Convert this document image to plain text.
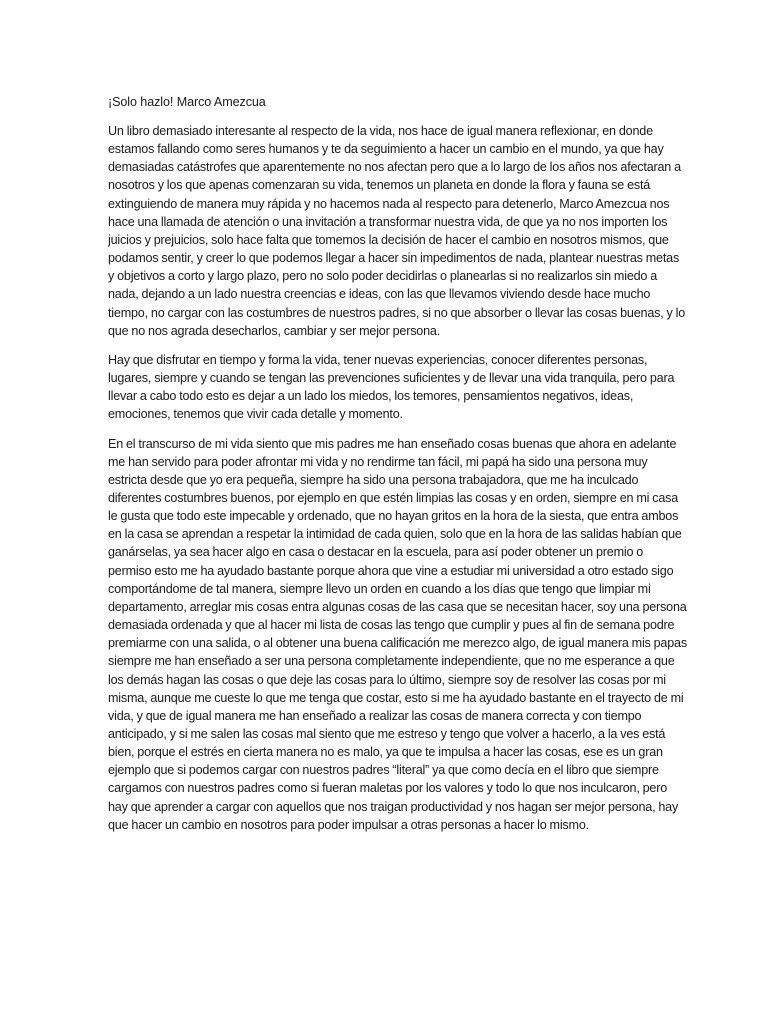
¡Solo hazlo! Marco Amezcua

Un libro demasiado interesante al respecto de la vida, nos hace de igual manera reflexionar, en donde estamos fallando como seres humanos y te da seguimiento a hacer un cambio en el mundo, ya que hay demasiadas catástrofes que aparentemente no nos afectan pero que a lo largo de los años nos afectaran a nosotros y los que apenas comenzaran su vida, tenemos un planeta en donde la flora y fauna se está extinguiendo de manera muy rápida y no hacemos nada al respecto para detenerlo, Marco Amezcua nos hace una llamada de atención o una invitación a transformar nuestra vida, de que ya no nos importen los juicios y prejuicios, solo hace falta que tomemos la decisión de hacer el cambio en nosotros mismos, que podamos sentir, y creer lo que podemos llegar a hacer sin impedimentos de nada, plantear nuestras metas y objetivos a corto y largo plazo, pero no solo poder decidirlas o planearlas si no realizarlos sin miedo a nada, dejando a un lado nuestra creencias e ideas, con las que llevamos viviendo desde hace mucho tiempo, no cargar con las costumbres de nuestros padres, si no que absorber o llevar las cosas buenas, y lo que no nos agrada desecharlos, cambiar y ser mejor persona.

Hay que disfrutar en tiempo y forma la vida, tener nuevas experiencias, conocer diferentes personas, lugares, siempre y cuando se tengan las prevenciones suficientes y de llevar una vida tranquila, pero para llevar a cabo todo esto es dejar a un lado los miedos, los temores, pensamientos negativos, ideas, emociones, tenemos que vivir cada detalle y momento.

En el transcurso de mi vida siento que mis padres me han enseñado cosas buenas que ahora en adelante me han servido para poder afrontar mi vida y no rendirme tan fácil, mi papá ha sido una persona muy estricta desde que yo era pequeña, siempre ha sido una persona trabajadora, que me ha inculcado diferentes costumbres buenos, por ejemplo en que estén limpias las cosas y en orden, siempre en mi casa le gusta que todo este impecable y ordenado, que no hayan gritos en la hora de la siesta, que entra ambos en la casa se aprendan a respetar la intimidad de cada quien, solo que en la hora de las salidas habían que ganárselas, ya sea hacer algo en casa o destacar en la escuela, para así poder obtener un premio o permiso esto me ha ayudado bastante porque ahora que vine a estudiar mi universidad a otro estado sigo comportándome de tal manera, siempre llevo un orden en cuando a los días que tengo que limpiar mi departamento, arreglar mis cosas entra algunas cosas de las casa que se necesitan hacer, soy una persona demasiada ordenada y que al hacer mi lista de cosas las tengo que cumplir y pues al fin de semana podre premiarme con una salida, o al obtener una buena calificación me merezco algo, de igual manera mis papas siempre me han enseñado a ser una persona completamente independiente, que no me esperance a que los demás hagan las cosas o que deje las cosas para lo último, siempre soy de resolver las cosas por mi misma, aunque me cueste lo que me tenga que costar, esto si me ha ayudado bastante en el trayecto de mi vida, y que de igual manera me han enseñado a realizar las cosas de manera correcta y con tiempo anticipado, y si me salen las cosas mal siento que me estreso y tengo que volver a hacerlo, a la ves está bien, porque el estrés en cierta manera no es malo, ya que te impulsa a hacer las cosas, ese es un gran ejemplo que si podemos cargar con nuestros padres “literal” ya que como decía en el libro que siempre cargamos con nuestros padres como si fueran maletas por los valores y todo lo que nos inculcaron, pero hay que aprender a cargar con aquellos que nos traigan productividad y nos hagan ser mejor persona, hay que hacer un cambio en nosotros para poder impulsar a otras personas a hacer lo mismo.
